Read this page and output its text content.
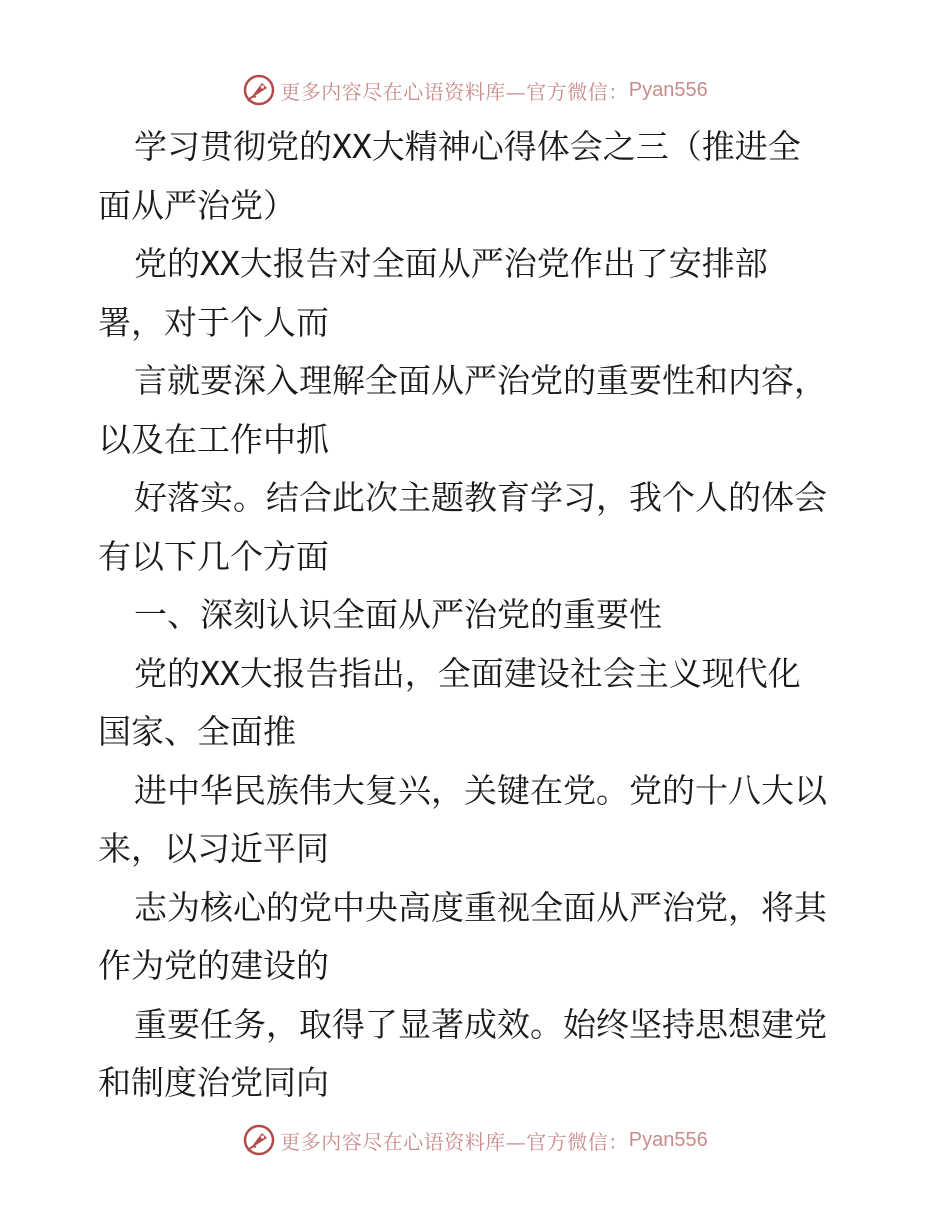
更多内容尽在心语资料库—官方微信： Pyan556
学习贯彻党的XX大精神心得体会之三（推进全
面从严治党）
党的XX大报告对全面从严治党作出了安排部
署，对于个人而
言就要深入理解全面从严治党的重要性和内容，
以及在工作中抓
好落实。结合此次主题教育学习，我个人的体会
有以下几个方面
一、深刻认识全面从严治党的重要性
党的XX大报告指出，全面建设社会主义现代化
国家、全面推
进中华民族伟大复兴，关键在党。党的十八大以
来，以习近平同
志为核心的党中央高度重视全面从严治党，将其
作为党的建设的
重要任务，取得了显著成效。始终坚持思想建党
和制度治党同向
更多内容尽在心语资料库—官方微信： Pyan556
